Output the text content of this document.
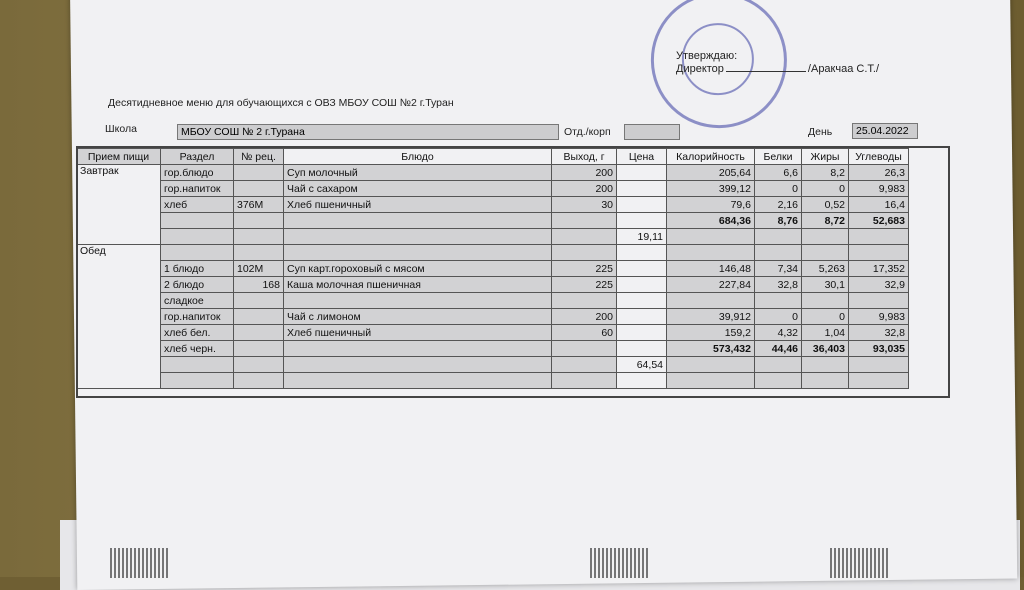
Утверждаю:
Директор	/Аракчаа С.Т./
Десятидневное меню для обучающихся с ОВЗ МБОУ СОШ №2 г.Туран
Школа	МБОУ СОШ № 2 г.Турана	Отд./корп	День	25.04.2022
Прием пищи	Раздел	№ рец.	Блюдо	Выход, г	Цена	Калорийность	Белки	Жиры	Углеводы
Завтрак	гор.блюдо		Суп молочный	200		205,64	6,6	8,2	26,3
	гор.напиток		Чай с сахаром	200		399,12	0	0	9,983
	хлеб	376М	Хлеб пшеничный	30		79,6	2,16	0,52	16,4
						684,36	8,76	8,72	52,683
					19,11				
Обед									
	1 блюдо	102М	Суп карт.гороховый с мясом	225		146,48	7,34	5,263	17,352
	2 блюдо	168	Каша молочная пшеничная	225		227,84	32,8	30,1	32,9
	сладкое								
	гор.напиток		Чай с лимоном	200		39,912	0	0	9,983
	хлеб бел.		Хлеб пшеничный	60		159,2	4,32	1,04	32,8
	хлеб черн.					573,432	44,46	36,403	93,035
					64,54				
